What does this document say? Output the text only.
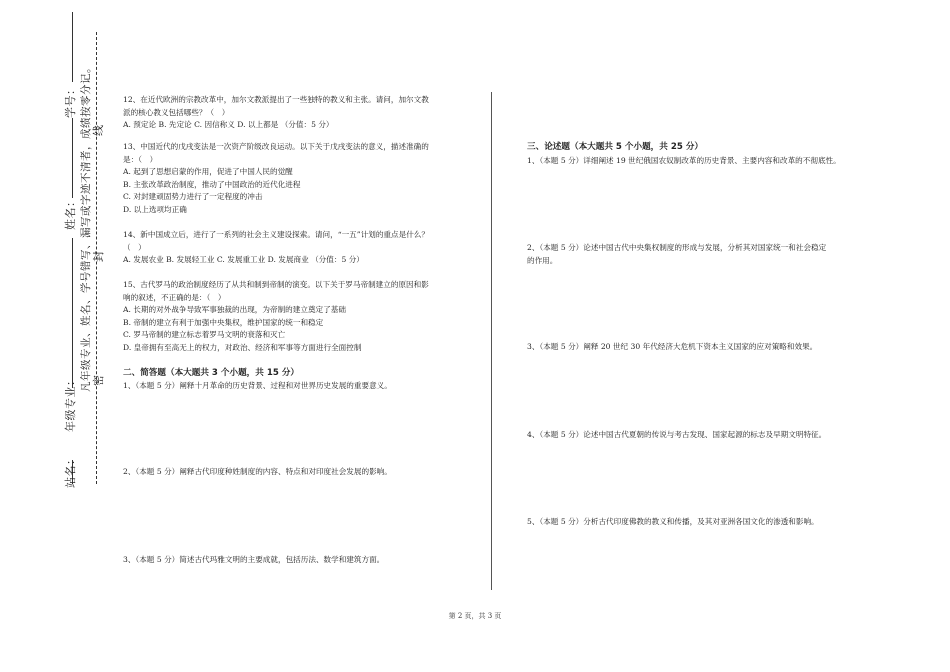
学号：
姓名：
年级专业：
站名：
凡年级专业、姓名、学号错写、漏写或字迹不清者，成绩按零分记。 密
封
线
12、在近代欧洲的宗教改革中，加尔文教派提出了一些独特的教义和主张。请问，加尔文教
派的核心教义包括哪些？（　）
A. 预定论 B. 先定论 C. 因信称义 D. 以上都是 （分值：5 分）
13、中国近代的戊戌变法是一次资产阶级改良运动。以下关于戊戌变法的意义，描述准确的
是：（　）
A. 起到了思想启蒙的作用，促进了中国人民的觉醒
B. 主张改革政治制度，推动了中国政治的近代化进程
C. 对封建顽固势力进行了一定程度的冲击
D. 以上选项均正确
14、新中国成立后，进行了一系列的社会主义建设探索。请问，“一五”计划的重点是什么？
（　）
A. 发展农业 B. 发展轻工业 C. 发展重工业 D. 发展商业 （分值：5 分）
15、古代罗马的政治制度经历了从共和制到帝制的演变。以下关于罗马帝制建立的原因和影
响的叙述，不正确的是：（　）
A. 长期的对外战争导致军事独裁的出现，为帝制的建立奠定了基础
B. 帝制的建立有利于加强中央集权，维护国家的统一和稳定
C. 罗马帝制的建立标志着罗马文明的衰落和灭亡
D. 皇帝拥有至高无上的权力，对政治、经济和军事等方面进行全面控制
二、简答题（本大题共 3 个小题，共 15 分）
1、（本题 5 分）阐释十月革命的历史背景、过程和对世界历史发展的重要意义。
2、（本题 5 分）阐释古代印度种姓制度的内容、特点和对印度社会发展的影响。
3、（本题 5 分）简述古代玛雅文明的主要成就，包括历法、数学和建筑方面。
三、论述题（本大题共 5 个小题，共 25 分）
1、（本题 5 分）详细阐述 19 世纪俄国农奴制改革的历史背景、主要内容和改革的不彻底性。
2、（本题 5 分）论述中国古代中央集权制度的形成与发展，分析其对国家统一和社会稳定
的作用。
3、（本题 5 分）阐释 20 世纪 30 年代经济大危机下资本主义国家的应对策略和效果。
4、（本题 5 分）论述中国古代夏朝的传说与考古发现、国家起源的标志及早期文明特征。
5、（本题 5 分）分析古代印度佛教的教义和传播，及其对亚洲各国文化的渗透和影响。
第 2 页，共 3 页
